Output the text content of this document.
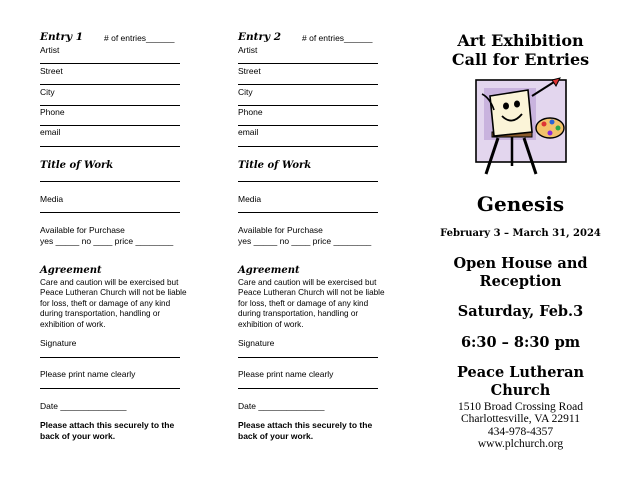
Entry 1 # of entries______
Artist
Street
City
Phone
email
Title of Work
Media
Available for Purchase
yes _____ no ____ price ________
Agreement
Care and caution will be exercised but
Peace Lutheran Church will not be liable
for loss, theft or damage of any kind
during transportation, handling or
exhibition of work.
Signature
Please print name clearly
Date ______________
Please attach this securely to the
back of your work.
Entry 2 # of entries______
Artist
Street
City
Phone
email
Title of Work
Media
Available for Purchase
yes _____ no ____ price ________
Agreement
Care and caution will be exercised but
Peace Lutheran Church will not be liable
for loss, theft or damage of any kind
during transportation, handling or
exhibition of work.
Signature
Please print name clearly
Date ______________
Please attach this securely to the
back of your work.
Art Exhibition
Call for Entries
Genesis
February 3 – March 31, 2024
Open House and
Reception
Saturday, Feb.3
6:30 – 8:30 pm
Peace Lutheran
Church
1510 Broad Crossing Road
Charlottesville, VA 22911
434-978-4357
www.plchurch.org
